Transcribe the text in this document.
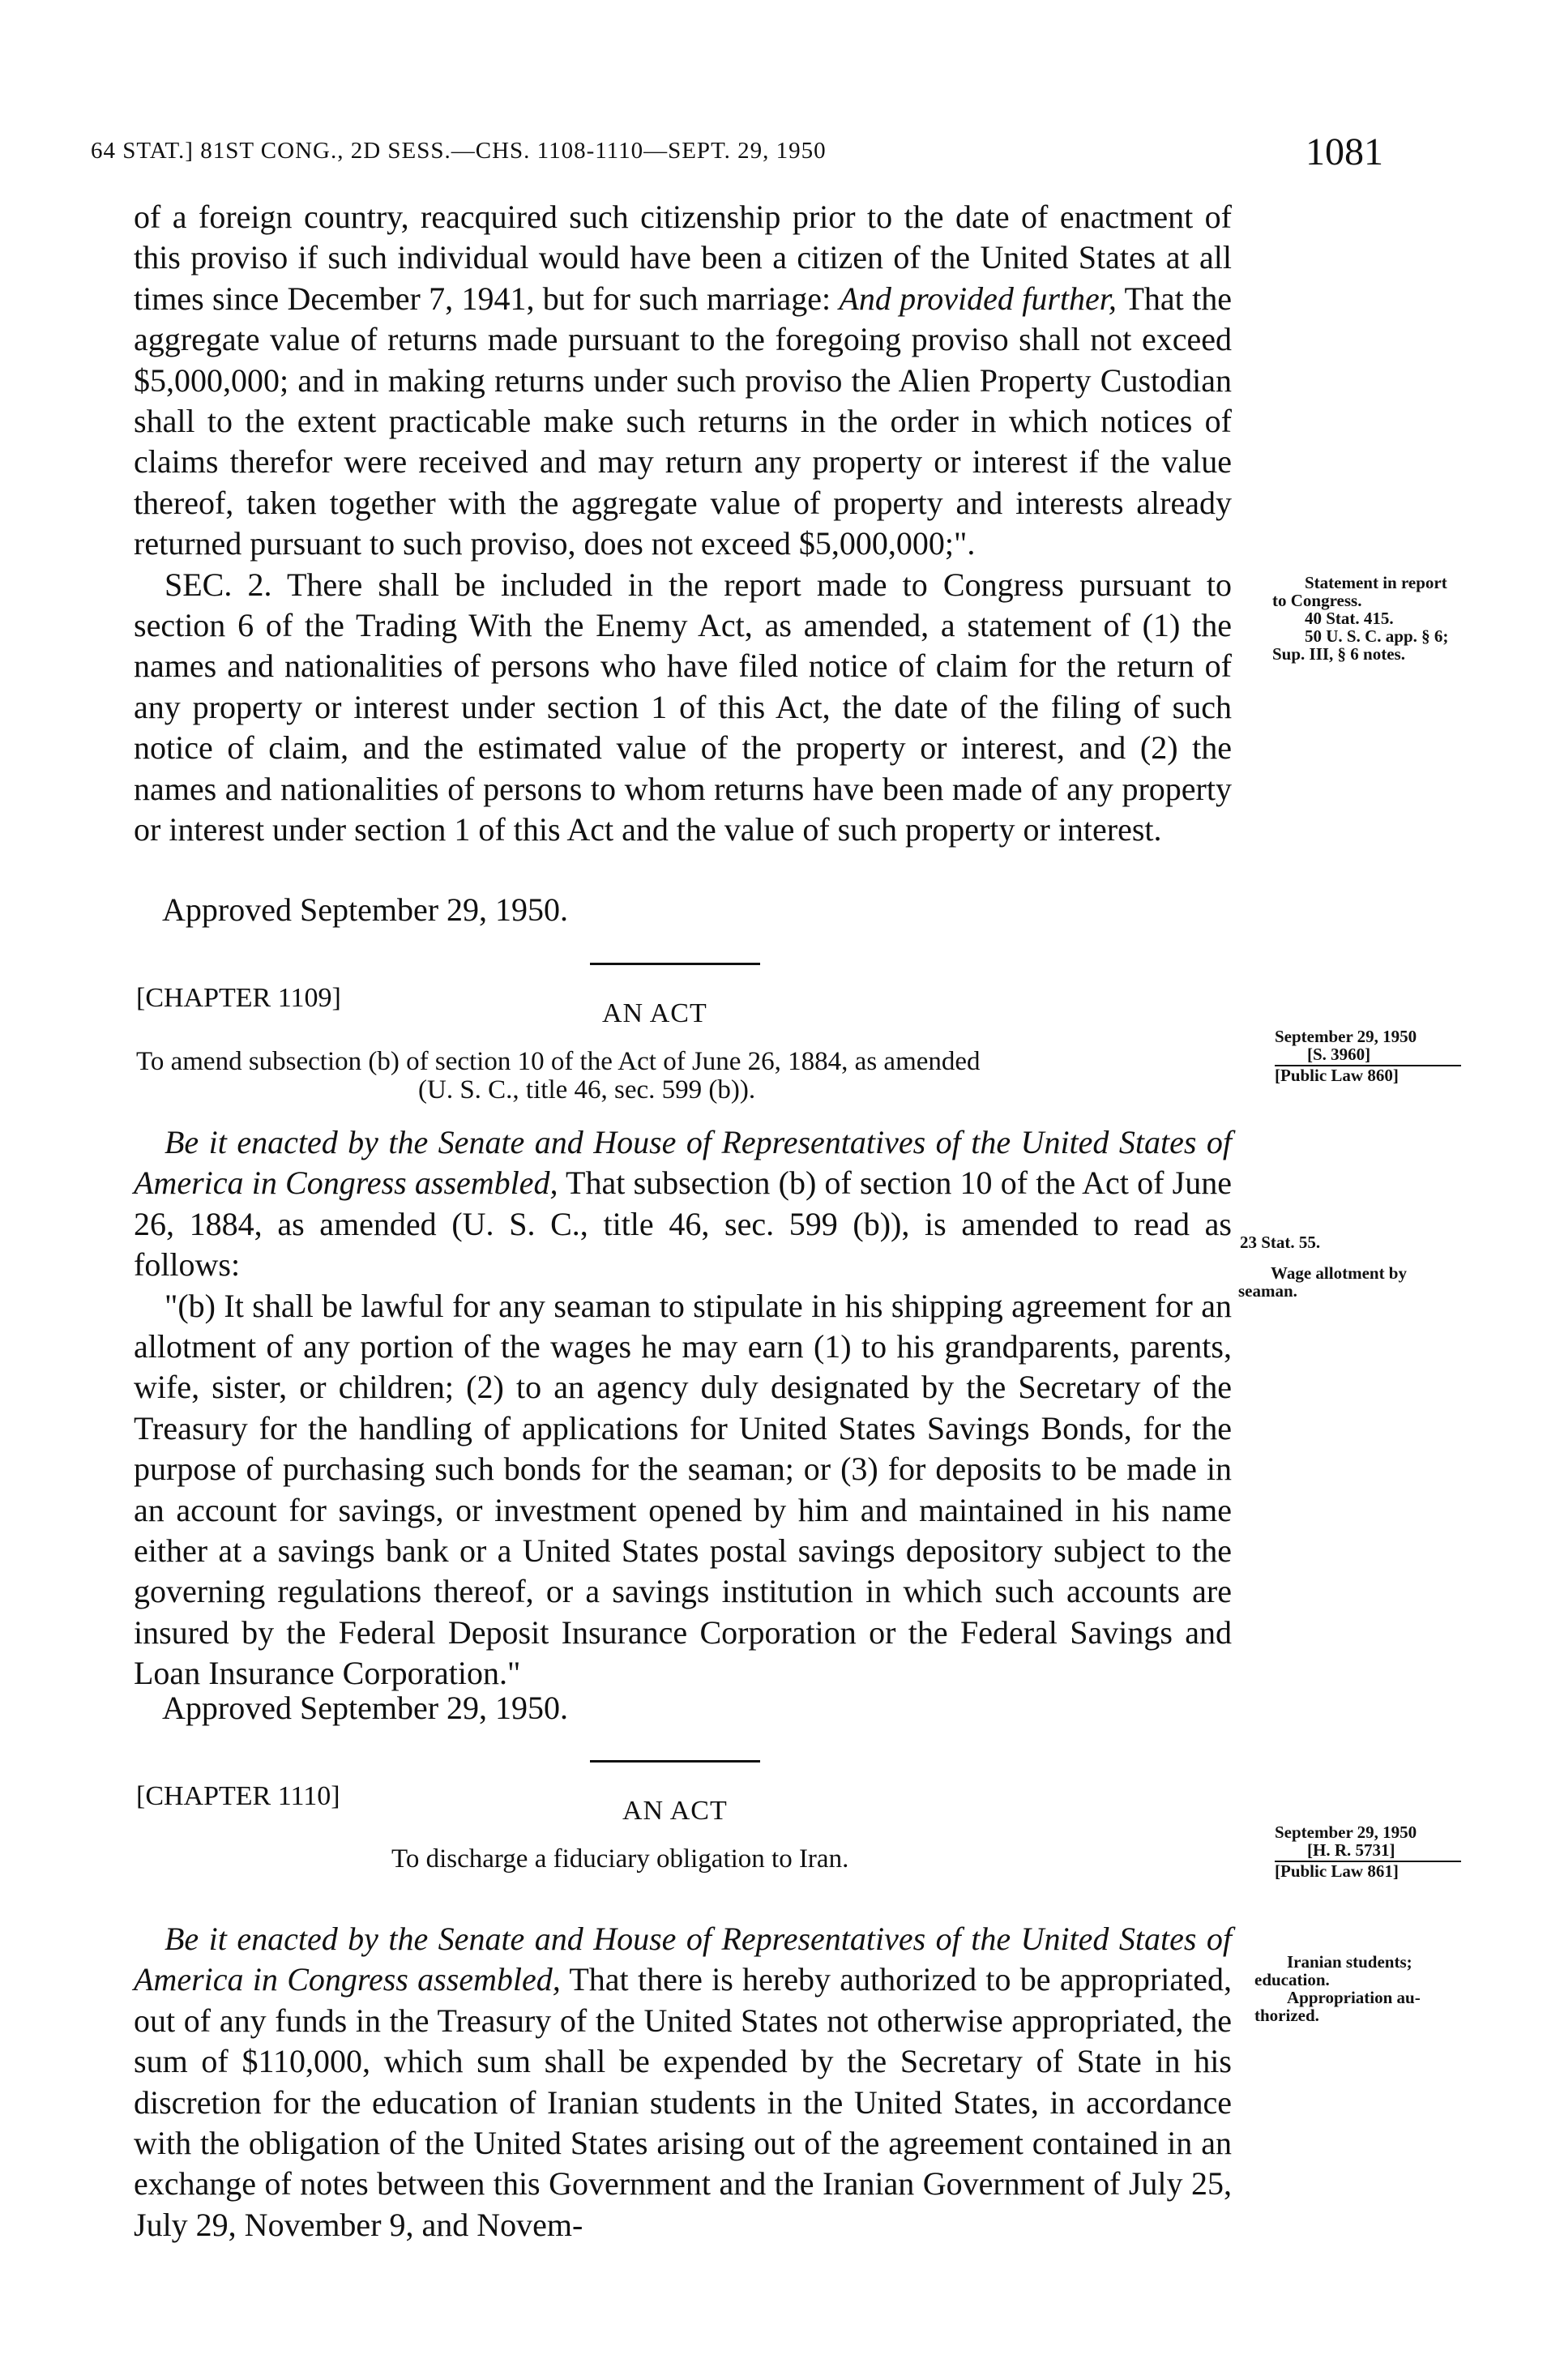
64 STAT.] 81ST CONG., 2D SESS.—CHS. 1108-1110—SEPT. 29, 1950	1081

of a foreign country, reacquired such citizenship prior to the date of enactment of this proviso if such individual would have been a citizen of the United States at all times since December 7, 1941, but for such marriage: And provided further, That the aggregate value of returns made pursuant to the foregoing proviso shall not exceed $5,000,000; and in making returns under such proviso the Alien Property Custodian shall to the extent practicable make such returns in the order in which notices of claims therefor were received and may return any property or interest if the value thereof, taken together with the aggregate value of property and interests already returned pursuant to such proviso, does not exceed $5,000,000;".

SEC. 2. There shall be included in the report made to Congress pursuant to section 6 of the Trading With the Enemy Act, as amended, a statement of (1) the names and nationalities of persons who have filed notice of claim for the return of any property or interest under section 1 of this Act, the date of the filing of such notice of claim, and the estimated value of the property or interest, and (2) the names and nationalities of persons to whom returns have been made of any property or interest under section 1 of this Act and the value of such property or interest.

Approved September 29, 1950.
Statement in report
to Congress.
40 Stat. 415.
50 U. S. C. app. § 6;
Sup. III, § 6 notes.
[CHAPTER 1109]
AN ACT
To amend subsection (b) of section 10 of the Act of June 26, 1884, as amended
(U. S. C., title 46, sec. 599 (b)).
September 29, 1950
[S. 3960]
[Public Law 860]

Be it enacted by the Senate and House of Representatives of the United States of America in Congress assembled, That subsection (b) of section 10 of the Act of June 26, 1884, as amended (U. S. C., title 46, sec. 599 (b)), is amended to read as follows:

"(b) It shall be lawful for any seaman to stipulate in his shipping agreement for an allotment of any portion of the wages he may earn (1) to his grandparents, parents, wife, sister, or children; (2) to an agency duly designated by the Secretary of the Treasury for the handling of applications for United States Savings Bonds, for the purpose of purchasing such bonds for the seaman; or (3) for deposits to be made in an account for savings, or investment opened by him and maintained in his name either at a savings bank or a United States postal savings depository subject to the governing regulations thereof, or a savings institution in which such accounts are insured by the Federal Deposit Insurance Corporation or the Federal Savings and Loan Insurance Corporation."

Approved September 29, 1950.
23 Stat. 55.
Wage allotment by
seaman.
[CHAPTER 1110]	AN ACT
To discharge a fiduciary obligation to Iran.
September 29, 1950
[H. R. 5731]
[Public Law 861]

Be it enacted by the Senate and House of Representatives of the United States of America in Congress assembled, That there is hereby authorized to be appropriated, out of any funds in the Treasury of the United States not otherwise appropriated, the sum of $110,000, which sum shall be expended by the Secretary of State in his discretion for the education of Iranian students in the United States, in accordance with the obligation of the United States arising out of the agreement contained in an exchange of notes between this Government and the Iranian Government of July 25, July 29, November 9, and Novem-

Iranian students;
education.
Appropriation au-
thorized.
